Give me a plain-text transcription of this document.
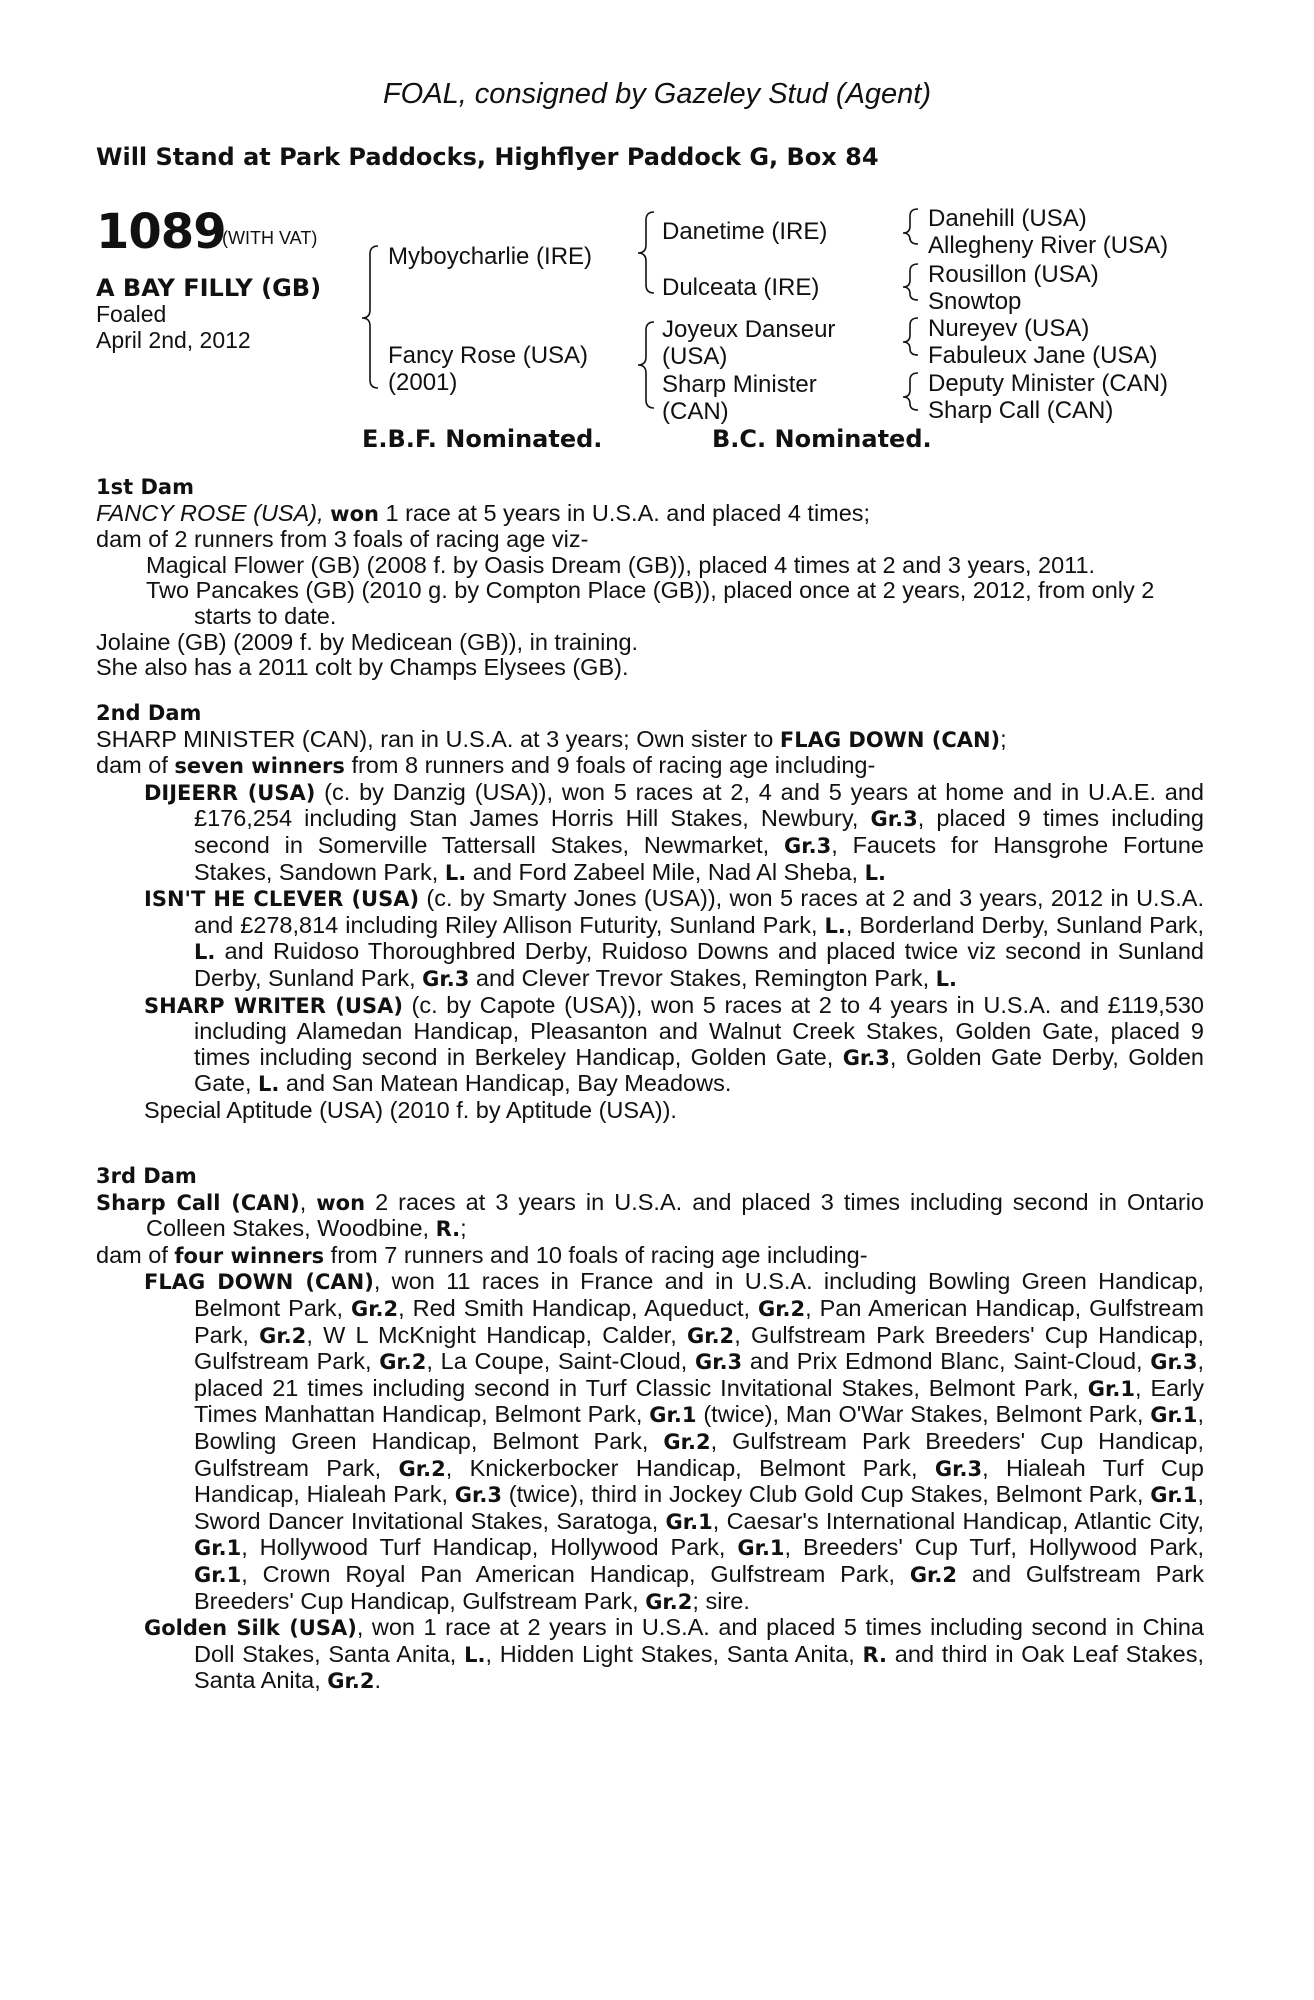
FOAL, consigned by Gazeley Stud (Agent)
Will Stand at Park Paddocks, Highflyer Paddock G, Box 84
1089
(WITH VAT)
A BAY FILLY (GB)
Foaled
April 2nd, 2012
Myboycharlie (IRE)
Fancy Rose (USA)
(2001)
Danetime (IRE)
Dulceata (IRE)
Joyeux Danseur
(USA)
Sharp Minister
(CAN)
Danehill (USA)
Allegheny River (USA)
Rousillon (USA)
Snowtop
Nureyev (USA)
Fabuleux Jane (USA)
Deputy Minister (CAN)
Sharp Call (CAN)
E.B.F. Nominated.	B.C. Nominated.

1st Dam

FANCY ROSE (USA), won 1 race at 5 years in U.S.A. and placed 4 times;

dam of 2 runners from 3 foals of racing age viz-

Magical Flower (GB) (2008 f. by Oasis Dream (GB)), placed 4 times at 2 and 3 years, 2011.

Two Pancakes (GB) (2010 g. by Compton Place (GB)), placed once at 2 years, 2012, from only 2 starts to date.

Jolaine (GB) (2009 f. by Medicean (GB)), in training.

She also has a 2011 colt by Champs Elysees (GB).

2nd Dam

SHARP MINISTER (CAN), ran in U.S.A. at 3 years; Own sister to FLAG DOWN (CAN);

dam of seven winners from 8 runners and 9 foals of racing age including-

DIJEERR (USA) (c. by Danzig (USA)), won 5 races at 2, 4 and 5 years at home and in U.A.E. and £176,254 including Stan James Horris Hill Stakes, Newbury, Gr.3, placed 9 times including second in Somerville Tattersall Stakes, Newmarket, Gr.3, Faucets for Hansgrohe Fortune Stakes, Sandown Park, L. and Ford Zabeel Mile, Nad Al Sheba, L.

ISN'T HE CLEVER (USA) (c. by Smarty Jones (USA)), won 5 races at 2 and 3 years, 2012 in U.S.A. and £278,814 including Riley Allison Futurity, Sunland Park, L., Borderland Derby, Sunland Park, L. and Ruidoso Thoroughbred Derby, Ruidoso Downs and placed twice viz second in Sunland Derby, Sunland Park, Gr.3 and Clever Trevor Stakes, Remington Park, L.

SHARP WRITER (USA) (c. by Capote (USA)), won 5 races at 2 to 4 years in U.S.A. and £119,530 including Alamedan Handicap, Pleasanton and Walnut Creek Stakes, Golden Gate, placed 9 times including second in Berkeley Handicap, Golden Gate, Gr.3, Golden Gate Derby, Golden Gate, L. and San Matean Handicap, Bay Meadows.

Special Aptitude (USA) (2010 f. by Aptitude (USA)).

3rd Dam

Sharp Call (CAN), won 2 races at 3 years in U.S.A. and placed 3 times including second in Ontario Colleen Stakes, Woodbine, R.;

dam of four winners from 7 runners and 10 foals of racing age including-

FLAG DOWN (CAN), won 11 races in France and in U.S.A. including Bowling Green Handicap, Belmont Park, Gr.2, Red Smith Handicap, Aqueduct, Gr.2, Pan American Handicap, Gulfstream Park, Gr.2, W L McKnight Handicap, Calder, Gr.2, Gulfstream Park Breeders' Cup Handicap, Gulfstream Park, Gr.2, La Coupe, Saint-Cloud, Gr.3 and Prix Edmond Blanc, Saint-Cloud, Gr.3, placed 21 times including second in Turf Classic Invitational Stakes, Belmont Park, Gr.1, Early Times Manhattan Handicap, Belmont Park, Gr.1 (twice), Man O'War Stakes, Belmont Park, Gr.1, Bowling Green Handicap, Belmont Park, Gr.2, Gulfstream Park Breeders' Cup Handicap, Gulfstream Park, Gr.2, Knickerbocker Handicap, Belmont Park, Gr.3, Hialeah Turf Cup Handicap, Hialeah Park, Gr.3 (twice), third in Jockey Club Gold Cup Stakes, Belmont Park, Gr.1, Sword Dancer Invitational Stakes, Saratoga, Gr.1, Caesar's International Handicap, Atlantic City, Gr.1, Hollywood Turf Handicap, Hollywood Park, Gr.1, Breeders' Cup Turf, Hollywood Park, Gr.1, Crown Royal Pan American Handicap, Gulfstream Park, Gr.2 and Gulfstream Park Breeders' Cup Handicap, Gulfstream Park, Gr.2; sire.

Golden Silk (USA), won 1 race at 2 years in U.S.A. and placed 5 times including second in China Doll Stakes, Santa Anita, L., Hidden Light Stakes, Santa Anita, R. and third in Oak Leaf Stakes, Santa Anita, Gr.2.
